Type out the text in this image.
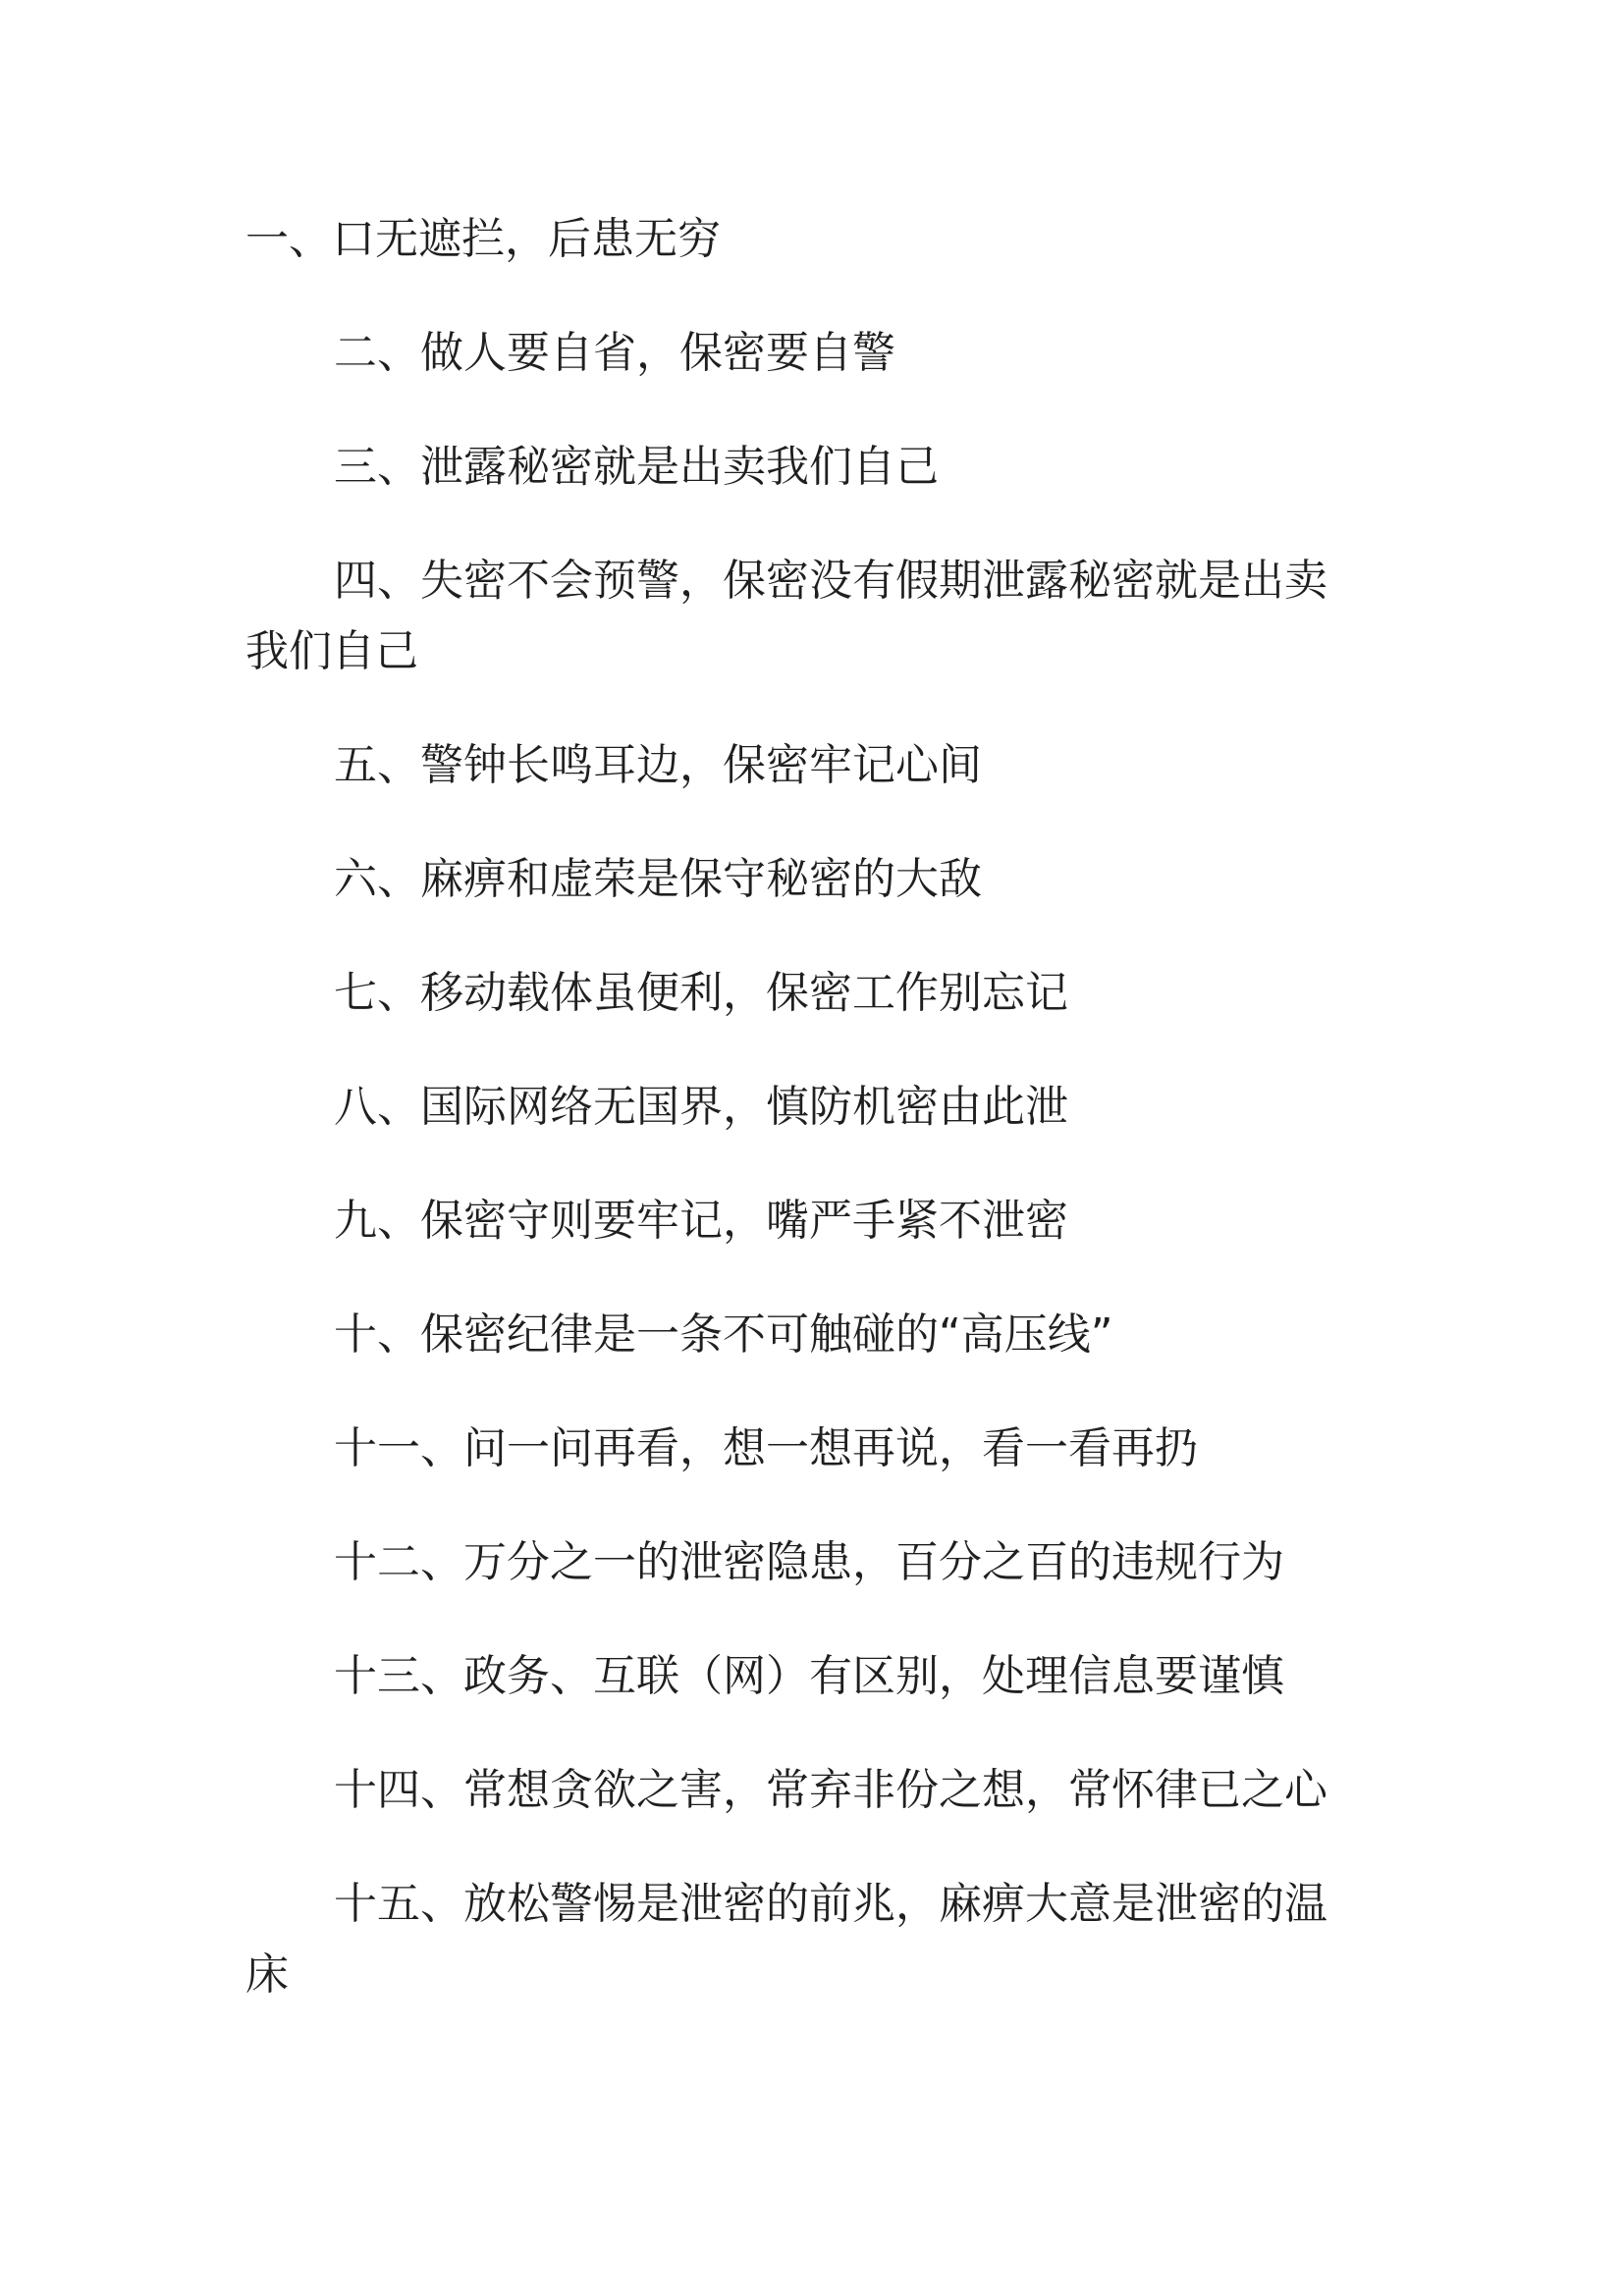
一、口无遮拦，后患无穷

二、做人要自省，保密要自警

三、泄露秘密就是出卖我们自己

四、失密不会预警，保密没有假期泄露秘密就是出卖我们自己

五、警钟长鸣耳边，保密牢记心间

六、麻痹和虚荣是保守秘密的大敌

七、移动载体虽便利，保密工作别忘记

八、国际网络无国界，慎防机密由此泄

九、保密守则要牢记，嘴严手紧不泄密

十、保密纪律是一条不可触碰的“高压线”

十一、问一问再看，想一想再说，看一看再扔

十二、万分之一的泄密隐患，百分之百的违规行为

十三、政务、互联（网）有区别，处理信息要谨慎

十四、常想贪欲之害，常弃非份之想，常怀律已之心

十五、放松警惕是泄密的前兆，麻痹大意是泄密的温床
